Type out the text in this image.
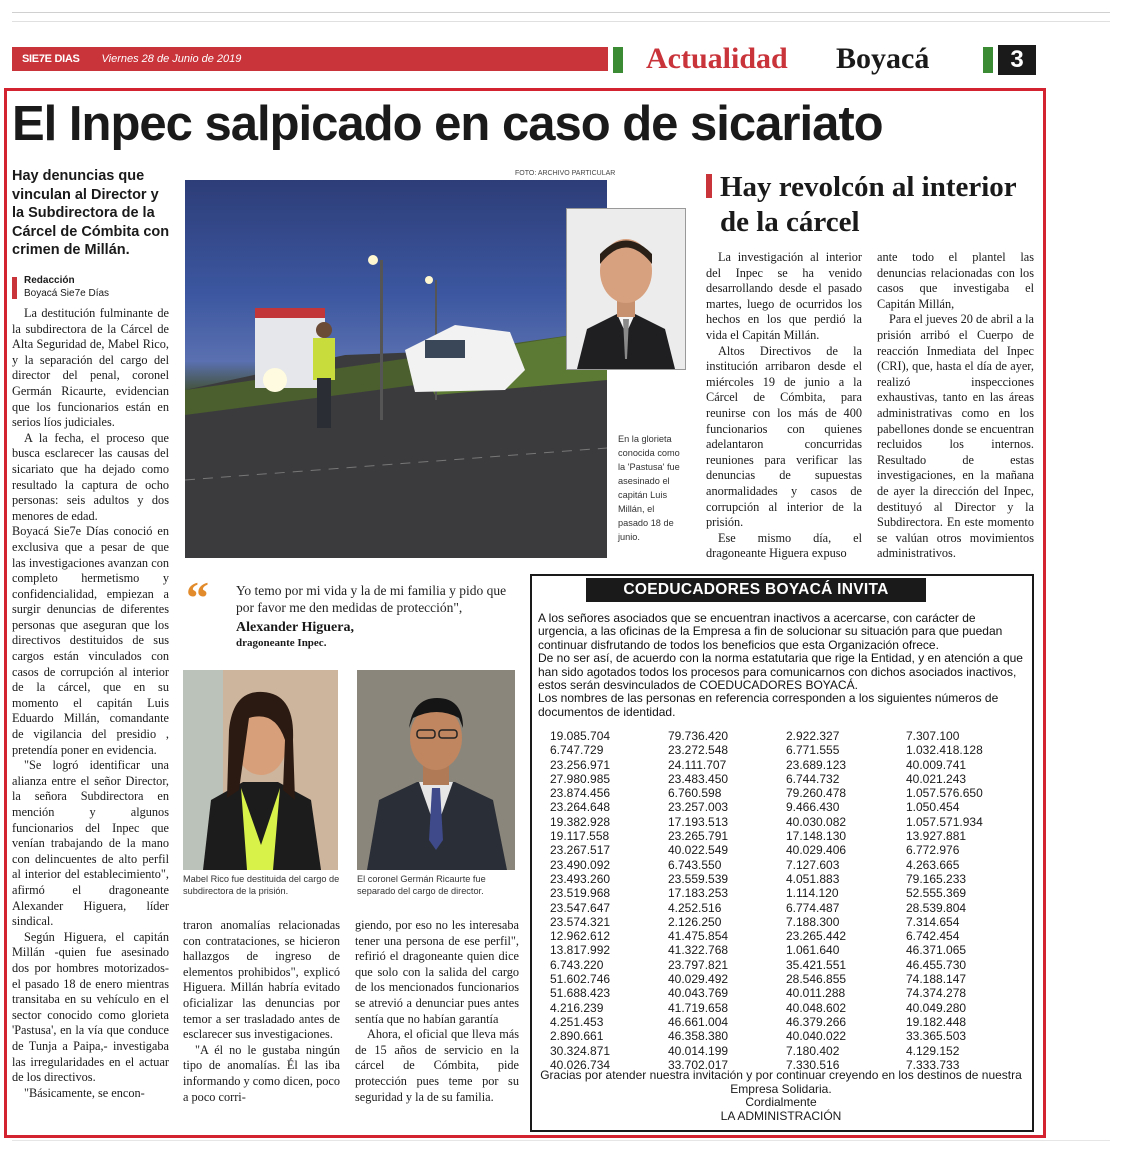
SIE7E DIAS Viernes 28 de Junio de 2019	Actualidad Boyacá	3
El Inpec salpicado en caso de sicariato
Hay denuncias que vinculan al Director y la Subdirectora de la Cárcel de Cómbita con crimen de Millán.
Redacción
Boyacá Sie7e Días

La destitución fulminante de la subdirectora de la Cárcel de Alta Seguridad de, Mabel Rico, y la separación del cargo del director del penal, coronel Germán Ricaurte, evidencian que los funcionarios están en serios líos judiciales.

A la fecha, el proceso que busca esclarecer las causas del sicariato que ha dejado como resultado la captura de ocho personas: seis adultos y dos menores de edad.

Boyacá Sie7e Días conoció en exclusiva que a pesar de que las investigaciones avanzan con completo hermetismo y confidencialidad, empiezan a surgir denuncias de diferentes personas que aseguran que los directivos destituidos de sus cargos están vinculados con casos de corrupción al interior de la cárcel, que en su momento el capitán Luis Eduardo Millán, comandante de vigilancia del presidio , pretendía poner en evidencia.

"Se logró identificar una alianza entre el señor Director, la señora Subdirectora en mención y algunos funcionarios del Inpec que venían trabajando de la mano con delincuentes de alto perfil al interior del establecimiento", afirmó el dragoneante Alexander Higuera, líder sindical.

Según Higuera, el capitán Millán -quien fue asesinado dos por hombres motorizados- el pasado 18 de enero mientras transitaba en su vehículo en el sector conocido como glorieta 'Pastusa', en la vía que conduce de Tunja a Paipa,- investigaba las irregularidades en el actuar de los directivos.

"Básicamente, se encon-

FOTO: ARCHIVO PARTICULAR
En la glorieta conocida como la 'Pastusa' fue asesinado el capitán Luis Millán, el pasado 18 de junio.
Hay revolcón al interior de la cárcel

La investigación al interior del Inpec se ha venido desarrollando desde el pasado martes, luego de ocurridos los hechos en los que perdió la vida el Capitán Millán.

Altos Directivos de la institución arribaron desde el miércoles 19 de junio a la Cárcel de Cómbita, para reunirse con los más de 400 funcionarios con quienes adelantaron concurridas reuniones para verificar las denuncias de supuestas anormalidades y casos de corrupción al interior de la prisión.

Ese mismo día, el dragoneante Higuera expuso

ante todo el plantel las denuncias relacionadas con los casos que investigaba el Capitán Millán,

Para el jueves 20 de abril a la prisión arribó el Cuerpo de reacción Inmediata del Inpec (CRI), que, hasta el día de ayer, realizó inspecciones exhaustivas, tanto en las áreas administrativas como en los pabellones donde se encuentran recluidos los internos. Resultado de estas investigaciones, en la mañana de ayer la dirección del Inpec, destituyó al Director y la Subdirectora. En este momento se valúan otros movimientos administrativos.

“ Yo temo por mi vida y la de mi familia y pido que por favor me den medidas de protección",
Alexander Higuera,
dragoneante Inpec.
Mabel Rico fue destituida del cargo de subdirectora de la prisión.
El coronel Germán Ricaurte fue separado del cargo de director.

traron anomalías relacionadas con contrataciones, se hicieron hallazgos de ingreso de elementos prohibidos", explicó Higuera. Millán habría evitado oficializar las denuncias por temor a ser trasladado antes de esclarecer sus investigaciones.

"A él no le gustaba ningún tipo de anomalías. Él las iba informando y como dicen, poco a poco corri-

giendo, por eso no les interesaba tener una persona de ese perfil", refirió el dragoneante quien dice que solo con la salida del cargo de los mencionados funcionarios se atrevió a denunciar pues antes sentía que no habían garantía

Ahora, el oficial que lleva más de 15 años de servicio en la cárcel de Cómbita, pide protección pues teme por su seguridad y la de su familia.

COEDUCADORES BOYACÁ INVITA

A los señores asociados que se encuentran inactivos a acercarse, con carácter de urgencia, a las oficinas de la Empresa a fin de solucionar su situación para que puedan continuar disfrutando de todos los beneficios que esta Organización ofrece.

De no ser así, de acuerdo con la norma estatutaria que rige la Entidad, y en atención a que han sido agotados todos los procesos para comunicarnos con dichos asociados inactivos, estos serán desvinculados de COEDUCADORES BOYACÁ.

Los nombres de las personas en referencia corresponden a los siguientes números de documentos de identidad.

19.085.704	79.736.420	2.922.327	7.307.100
6.747.729	23.272.548	6.771.555	1.032.418.128
23.256.971	24.111.707	23.689.123	40.009.741
27.980.985	23.483.450	6.744.732	40.021.243
23.874.456	6.760.598	79.260.478	1.057.576.650
23.264.648	23.257.003	9.466.430	1.050.454
19.382.928	17.193.513	40.030.082	1.057.571.934
19.117.558	23.265.791	17.148.130	13.927.881
23.267.517	40.022.549	40.029.406	6.772.976
23.490.092	6.743.550	7.127.603	4.263.665
23.493.260	23.559.539	4.051.883	79.165.233
23.519.968	17.183.253	1.114.120	52.555.369
23.547.647	4.252.516	6.774.487	28.539.804
23.574.321	2.126.250	7.188.300	7.314.654
12.962.612	41.475.854	23.265.442	6.742.454
13.817.992	41.322.768	1.061.640	46.371.065
6.743.220	23.797.821	35.421.551	46.455.730
51.602.746	40.029.492	28.546.855	74.188.147
51.688.423	40.043.769	40.011.288	74.374.278
4.216.239	41.719.658	40.048.602	40.049.280
4.251.453	46.661.004	46.379.266	19.182.448
2.890.661	46.358.380	40.040.022	33.365.503
30.324.871	40.014.199	7.180.402	4.129.152
40.026.734	33.702.017	7.330.516	7.333.733
Gracias por atender nuestra invitación y por continuar creyendo en los destinos de nuestra Empresa Solidaria.
Cordialmente
LA ADMINISTRACIÓN
